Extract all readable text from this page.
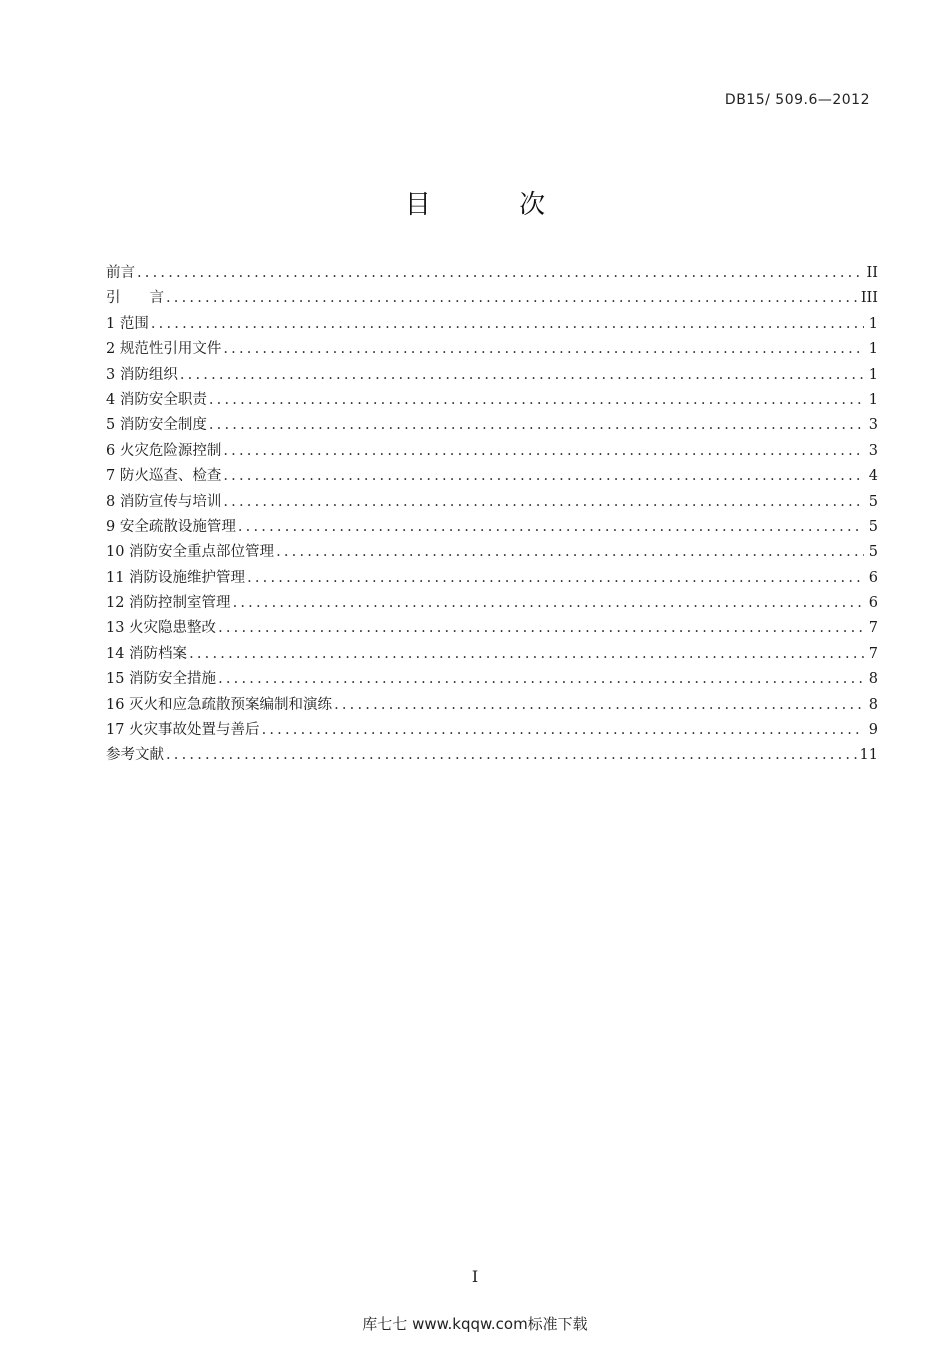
DB15/ 509.6—2012
目 次
前言 .....	II
引　　言 .....	III
1 范围 .....	1
2 规范性引用文件 .....	1
3 消防组织 .....	1
4 消防安全职责 .....	1
5 消防安全制度 .....	3
6 火灾危险源控制 .....	3
7 防火巡查、检查 .....	4
8 消防宣传与培训 .....	5
9 安全疏散设施管理 .....	5
10 消防安全重点部位管理 .....	5
11 消防设施维护管理 .....	6
12 消防控制室管理 .....	6
13 火灾隐患整改 .....	7
14 消防档案 .....	7
15 消防安全措施 .....	8
16 灭火和应急疏散预案编制和演练 .....	8
17 火灾事故处置与善后 .....	9
参考文献 .....	11
I
库七七 www.kqqw.com标准下载
